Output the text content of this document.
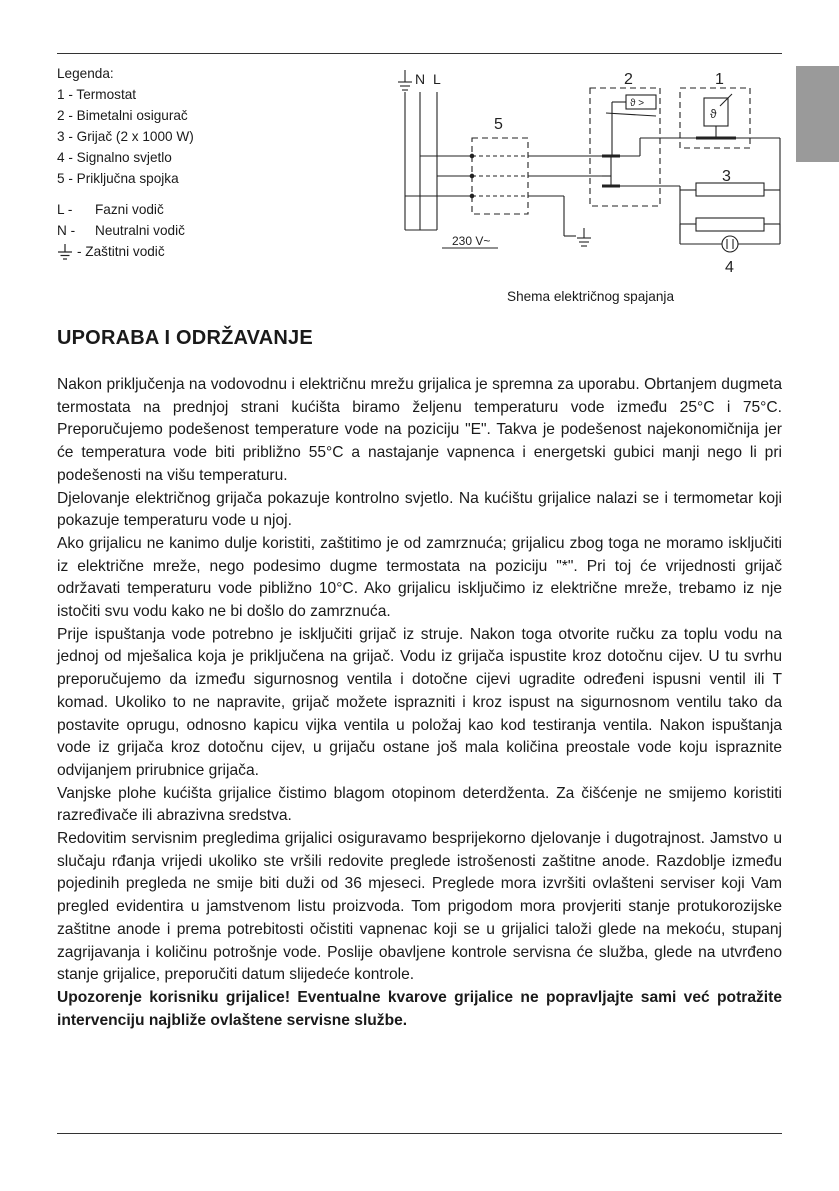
Legenda:
1 - Termostat
2 - Bimetalni osigurač
3 - Grijač (2 x 1000 W)
4 - Signalno svjetlo
5 - Priključna spojka
L - Fazni vodič
N - Neutralni vodič
- Zaštitni vodič
N L
230 V~
5
2
ϑ >
1
ϑ
3
4
Shema električnog spajanja
UPORABA I ODRŽAVANJE

Nakon priključenja na vodovodnu i električnu mrežu grijalica je spremna za uporabu. Obrtanjem dugmeta termostata na prednjoj strani kućišta biramo željenu temperaturu vode između 25°C i 75°C. Preporučujemo podešenost temperature vode na poziciju "E". Takva je podešenost najekonomičnija jer će temperatura vode biti približno 55°C a nastajanje vapnenca i energetski gubici manji nego li pri podešenosti na višu temperaturu.

Djelovanje električnog grijača pokazuje kontrolno svjetlo. Na kućištu grijalice nalazi se i termometar koji pokazuje temperaturu vode u njoj.

Ako grijalicu ne kanimo dulje koristiti, zaštitimo je od zamrznuća; grijalicu zbog toga ne moramo isključiti iz električne mreže, nego podesimo dugme termostata na poziciju "*". Pri toj će vrijednosti grijač održavati temperaturu vode pibližno 10°C. Ako grijalicu isključimo iz električne mreže, trebamo iz nje istočiti svu vodu kako ne bi došlo do zamrznuća.

Prije ispuštanja vode potrebno je isključiti grijač iz struje. Nakon toga otvorite ručku za toplu vodu na jednoj od mješalica koja je priključena na grijač. Vodu iz grijača ispustite kroz dotočnu cijev. U tu svrhu preporučujemo da između sigurnosnog ventila i dotočne cijevi ugradite određeni ispusni ventil ili T komad. Ukoliko to ne napravite, grijač možete isprazniti i kroz ispust na sigurnosnom ventilu tako da postavite oprugu, odnosno kapicu vijka ventila u položaj kao kod testiranja ventila. Nakon ispuštanja vode iz grijača kroz dotočnu cijev, u grijaču ostane još mala količina preostale vode koju ispraznite odvijanjem prirubnice grijača.

Vanjske plohe kućišta grijalice čistimo blagom otopinom deterdženta. Za čišćenje ne smijemo koristiti razređivače ili abrazivna sredstva.

Redovitim servisnim pregledima grijalici osiguravamo besprijekorno djelovanje i dugotrajnost. Jamstvo u slučaju rđanja vrijedi ukoliko ste vršili redovite preglede istrošenosti zaštitne anode. Razdoblje između pojedinih pregleda ne smije biti duži od 36 mjeseci. Preglede mora izvršiti ovlašteni serviser koji Vam pregled evidentira u jamstvenom listu proizvoda. Tom prigodom mora provjeriti stanje protukorozijske zaštitne anode i prema potrebitosti očistiti vapnenac koji se u grijalici taloži glede na mekoću, stupanj zagrijavanja i količinu potrošnje vode. Poslije obavljene kontrole servisna će služba, glede na utvrđeno stanje grijalice, preporučiti datum slijedeće kontrole.

Upozorenje korisniku grijalice! Eventualne kvarove grijalice ne popravljajte sami već potražite intervenciju najbliže ovlaštene servisne službe.
